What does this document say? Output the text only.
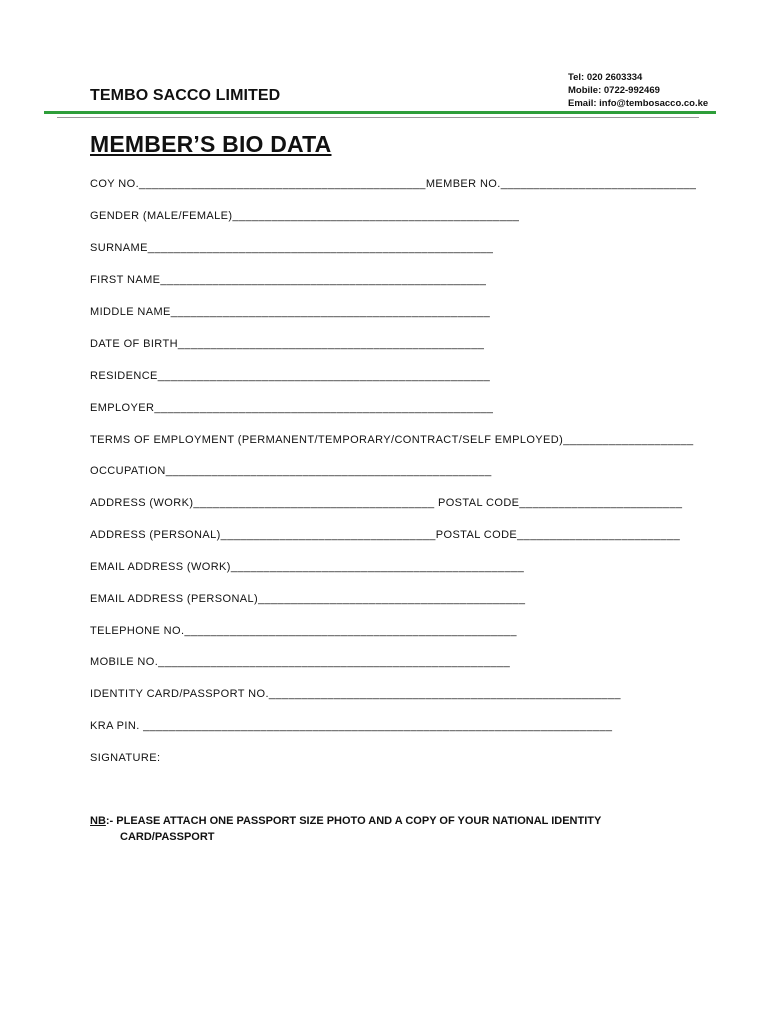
TEMBO SACCO LIMITED
Tel: 020 2603334
Mobile: 0722-992469
Email: info@tembosacco.co.ke
MEMBER’S BIO DATA
COY NO.____________________________________________MEMBER NO.______________________________
GENDER (MALE/FEMALE)____________________________________________
SURNAME_____________________________________________________
FIRST NAME__________________________________________________
MIDDLE NAME_________________________________________________
DATE OF BIRTH_______________________________________________
RESIDENCE___________________________________________________
EMPLOYER____________________________________________________
TERMS OF EMPLOYMENT (PERMANENT/TEMPORARY/CONTRACT/SELF EMPLOYED)____________________
OCCUPATION__________________________________________________
ADDRESS (WORK)_____________________________________ POSTAL CODE_________________________
ADDRESS (PERSONAL)_________________________________POSTAL CODE_________________________
EMAIL ADDRESS (WORK)_____________________________________________
EMAIL ADDRESS (PERSONAL)_________________________________________
TELEPHONE NO.___________________________________________________
MOBILE NO.______________________________________________________
IDENTITY CARD/PASSPORT NO.______________________________________________________
KRA PIN. ________________________________________________________________________
SIGNATURE:
NB:- PLEASE ATTACH ONE PASSPORT SIZE PHOTO AND A COPY OF YOUR NATIONAL IDENTITY
CARD/PASSPORT
